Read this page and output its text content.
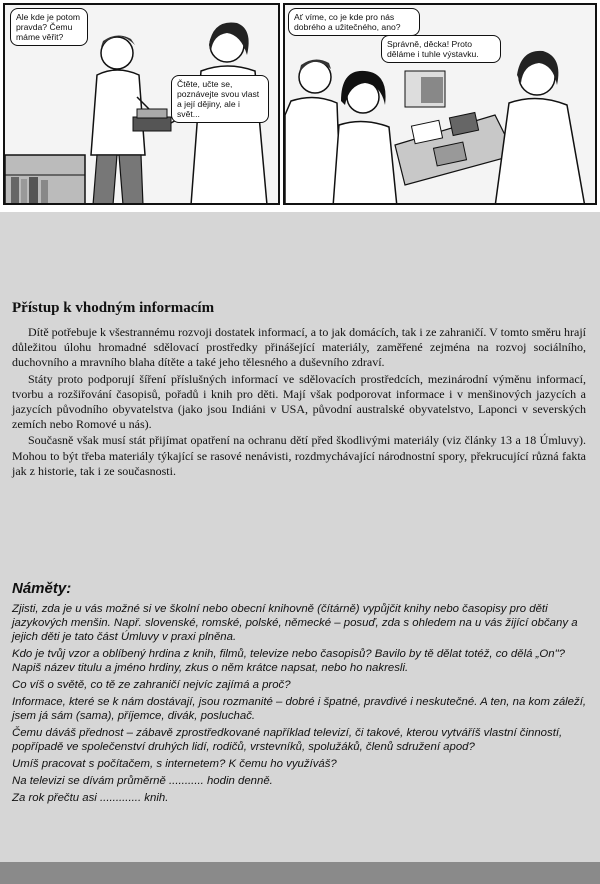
Ale kde je potom pravda? Čemu máme věřit?
Čtěte, učte se, poznávejte svou vlast a její dějiny, ale i svět...
Ať víme, co je kde pro nás dobrého a užitečného, ano?
Správně, děcka! Proto děláme i tuhle výstavku.
Přístup k vhodným informacím

Dítě potřebuje k všestrannému rozvoji dostatek informací, a to jak domácích, tak i ze zahraničí. V tomto směru hrají důležitou úlohu hromadné sdělovací prostředky přinášející materiály, zaměřené zejména na rozvoj sociálního, duchovního a mravního blaha dítěte a také jeho tělesného a duševního zdraví.

Státy proto podporují šíření příslušných informací ve sdělovacích prostředcích, mezinárodní výměnu informací, tvorbu a rozšiřování časopisů, pořadů i knih pro děti. Mají však podporovat informace i v menšinových jazycích a jazycích původního obyvatelstva (jako jsou Indiáni v USA, původní australské obyvatelstvo, Laponci v severských zemích nebo Romové u nás).

Současně však musí stát přijímat opatření na ochranu dětí před škodlivými materiály (viz články 13 a 18 Úmluvy). Mohou to být třeba materiály týkající se rasové nenávisti, rozdmychávající národnostní spory, překrucující různá fakta jak z historie, tak i ze současnosti.

Náměty:

Zjisti, zda je u vás možné si ve školní nebo obecní knihovně (čítárně) vypůjčit knihy nebo časopisy pro děti jazykových menšin. Např. slovenské, romské, polské, německé – posuď, zda s ohledem na u vás žijící občany a jejich děti je tato část Úmluvy v praxi plněna.

Kdo je tvůj vzor a oblíbený hrdina z knih, filmů, televize nebo časopisů? Bavilo by tě dělat totéž, co dělá „On"? Napiš název titulu a jméno hrdiny, zkus o něm krátce napsat, nebo ho nakresli.

Co víš o světě, co tě ze zahraničí nejvíc zajímá a proč?

Informace, které se k nám dostávají, jsou rozmanité – dobré i špatné, pravdivé i neskutečné. A ten, na kom záleží, jsem já sám (sama), příjemce, divák, posluchač.

Čemu dáváš přednost – zábavě zprostředkované například televizí, či takové, kterou vytváříš vlastní činností, popřípadě ve společenství druhých lidí, rodičů, vrstevníků, spolužáků, členů sdružení apod?

Umíš pracovat s počítačem, s internetem? K čemu ho využíváš?

Na televizi se dívám průměrně ........... hodin denně.

Za rok přečtu asi ............. knih.
